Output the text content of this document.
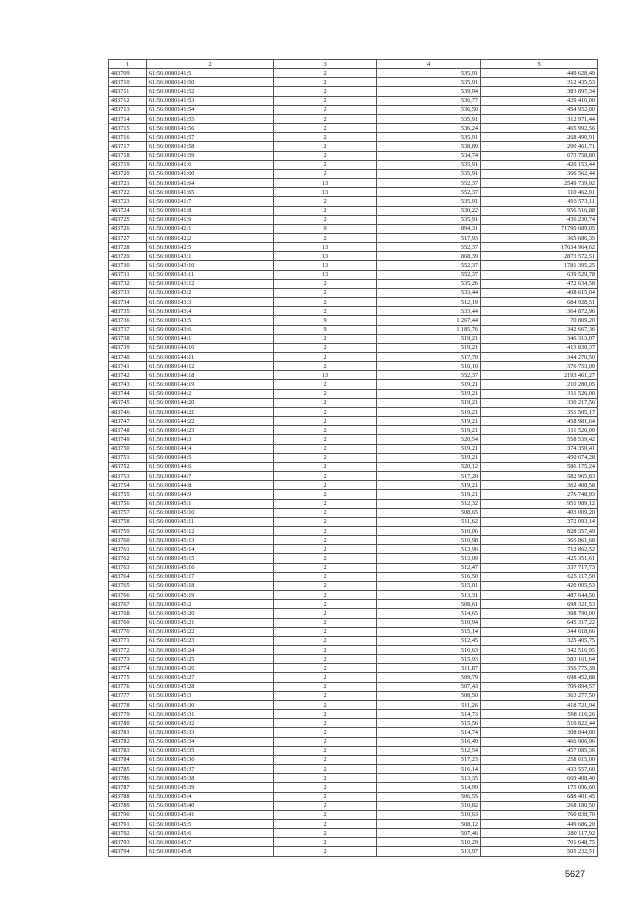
1	2	3	4	5
483709	61:56:0080141:5	2	535,91	449 628,49
483710	61:56:0080141:50	2	535,91	312 435,53
483711	61:56:0080141:52	2	539,94	383 897,34
483712	61:56:0080141:53	2	536,77	429 416,00
483713	61:56:0080141:54	2	536,50	454 952,00
483714	61:56:0080141:55	2	535,91	312 971,44
483715	61:56:0080141:56	2	536,24	465 992,56
483716	61:56:0080141:57	2	535,91	268 490,91
483717	61:56:0080141:58	2	538,89	290 461,71
483718	61:56:0080141:59	2	534,74	673 758,80
483719	61:56:0080141:6	2	535,91	420 153,44
483720	61:56:0080141:60	2	535,91	366 562,44
483721	61:56:0080141:64	13	552,37	2549 739,92
483722	61:56:0080141:65	13	552,37	110 462,91
483723	61:56:0080141:7	2	535,91	493 573,11
483724	61:56:0080141:8	2	530,22	956 516,88
483725	61:56:0080141:9	2	535,91	436 230,74
483726	61:56:0080142:1	9	894,31	71790 689,05
483727	61:56:0080142:2	2	517,93	365 686,35
483728	61:56:0080142:5	13	552,37	17634 964,62
483729	61:56:0080143:1	13	868,39	2873 572,51
483730	61:56:0080143:10	13	552,37	1781 395,25
483731	61:56:0080143:11	13	552,37	639 529,78
483732	61:56:0080143:12	2	535,26	472 634,58
483733	61:56:0080143:2	2	533,44	408 615,04
483734	61:56:0080143:3	2	512,19	684 928,51
483735	61:56:0080143:4	2	533,44	364 872,96
483736	61:56:0080143:5	9	1 267,44	70 809,20
483737	61:56:0080143:6	9	1 185,76	342 667,36
483738	61:56:0080144:1	2	519,21	346 313,07
483739	61:56:0080144:10	2	519,21	413 830,37
483740	61:56:0080144:11	2	517,70	344 270,50
483741	61:56:0080144:12	2	516,10	376 753,00
483742	61:56:0080144:18	13	552,37	2193 461,27
483743	61:56:0080144:19	2	519,21	210 280,05
483744	61:56:0080144:2	2	519,21	311 526,00
483745	61:56:0080144:20	2	519,21	330 217,56
483746	61:56:0080144:21	2	519,21	351 505,17
483747	61:56:0080144:22	2	519,21	458 981,64
483748	61:56:0080144:23	2	519,21	311 526,00
483749	61:56:0080144:3	2	520,54	558 539,42
483750	61:56:0080144:4	2	519,21	374 350,41
483751	61:56:0080144:5	2	519,21	450 674,28
483752	61:56:0080144:6	2	520,12	586 175,24
483753	61:56:0080144:7	2	517,20	582 965,83
483754	61:56:0080144:8	2	519,21	362 408,58
483755	61:56:0080144:9	2	519,21	276 748,93
483756	61:56:0080145:1	2	512,32	951 989,12
483757	61:56:0080145:10	2	508,65	403 009,20
483758	61:56:0080145:11	2	511,62	372 093,14
483759	61:56:0080145:12	2	510,06	828 357,49
483760	61:56:0080145:13	2	510,98	365 861,68
483761	61:56:0080145:14	2	513,96	712 862,52
483762	61:56:0080145:15	2	513,09	425 351,61
483763	61:56:0080145:16	2	512,47	337 717,73
483764	61:56:0080145:17	2	516,50	625 117,50
483765	61:56:0080145:18	2	515,01	420 005,53
483766	61:56:0080145:19	2	513,31	487 644,50
483767	61:56:0080145:2	2	508,61	698 321,53
483768	61:56:0080145:20	2	514,65	308 790,00
483769	61:56:0080145:21	2	510,94	645 317,22
483770	61:56:0080145:22	2	515,14	344 618,66
483771	61:56:0080145:23	2	512,45	325 405,75
483772	61:56:0080145:24	2	516,63	342 516,95
483773	61:56:0080145:25	2	515,93	583 161,64
483774	61:56:0080145:26	2	511,87	356 775,39
483775	61:56:0080145:27	2	509,79	698 452,88
483776	61:56:0080145:28	2	507,43	709 894,57
483777	61:56:0080145:3	2	508,50	363 277,50
483778	61:56:0080145:30	2	511,26	418 721,94
483779	61:56:0080145:31	2	514,73	598 116,26
483780	61:56:0080145:32	2	515,56	510 822,44
483781	61:56:0080145:33	2	514,74	308 844,00
483782	61:56:0080145:34	2	516,49	466 906,96
483783	61:56:0080145:35	2	512,54	457 085,36
483784	61:56:0080145:36	2	517,23	258 615,00
483785	61:56:0080145:37	2	516,14	433 557,60
483786	61:56:0080145:38	2	513,35	669 408,40
483787	61:56:0080145:39	2	514,99	175 096,60
483788	61:56:0080145:4	2	506,55	688 401,45
483789	61:56:0080145:40	2	510,82	268 180,50
483790	61:56:0080145:41	2	510,63	760 838,70
483791	61:56:0080145:5	2	508,12	449 686,20
483792	61:56:0080145:6	2	507,46	280 117,92
483793	61:56:0080145:7	2	510,29	701 648,75
483794	61:56:0080145:8	2	513,97	505 232,51
5627
